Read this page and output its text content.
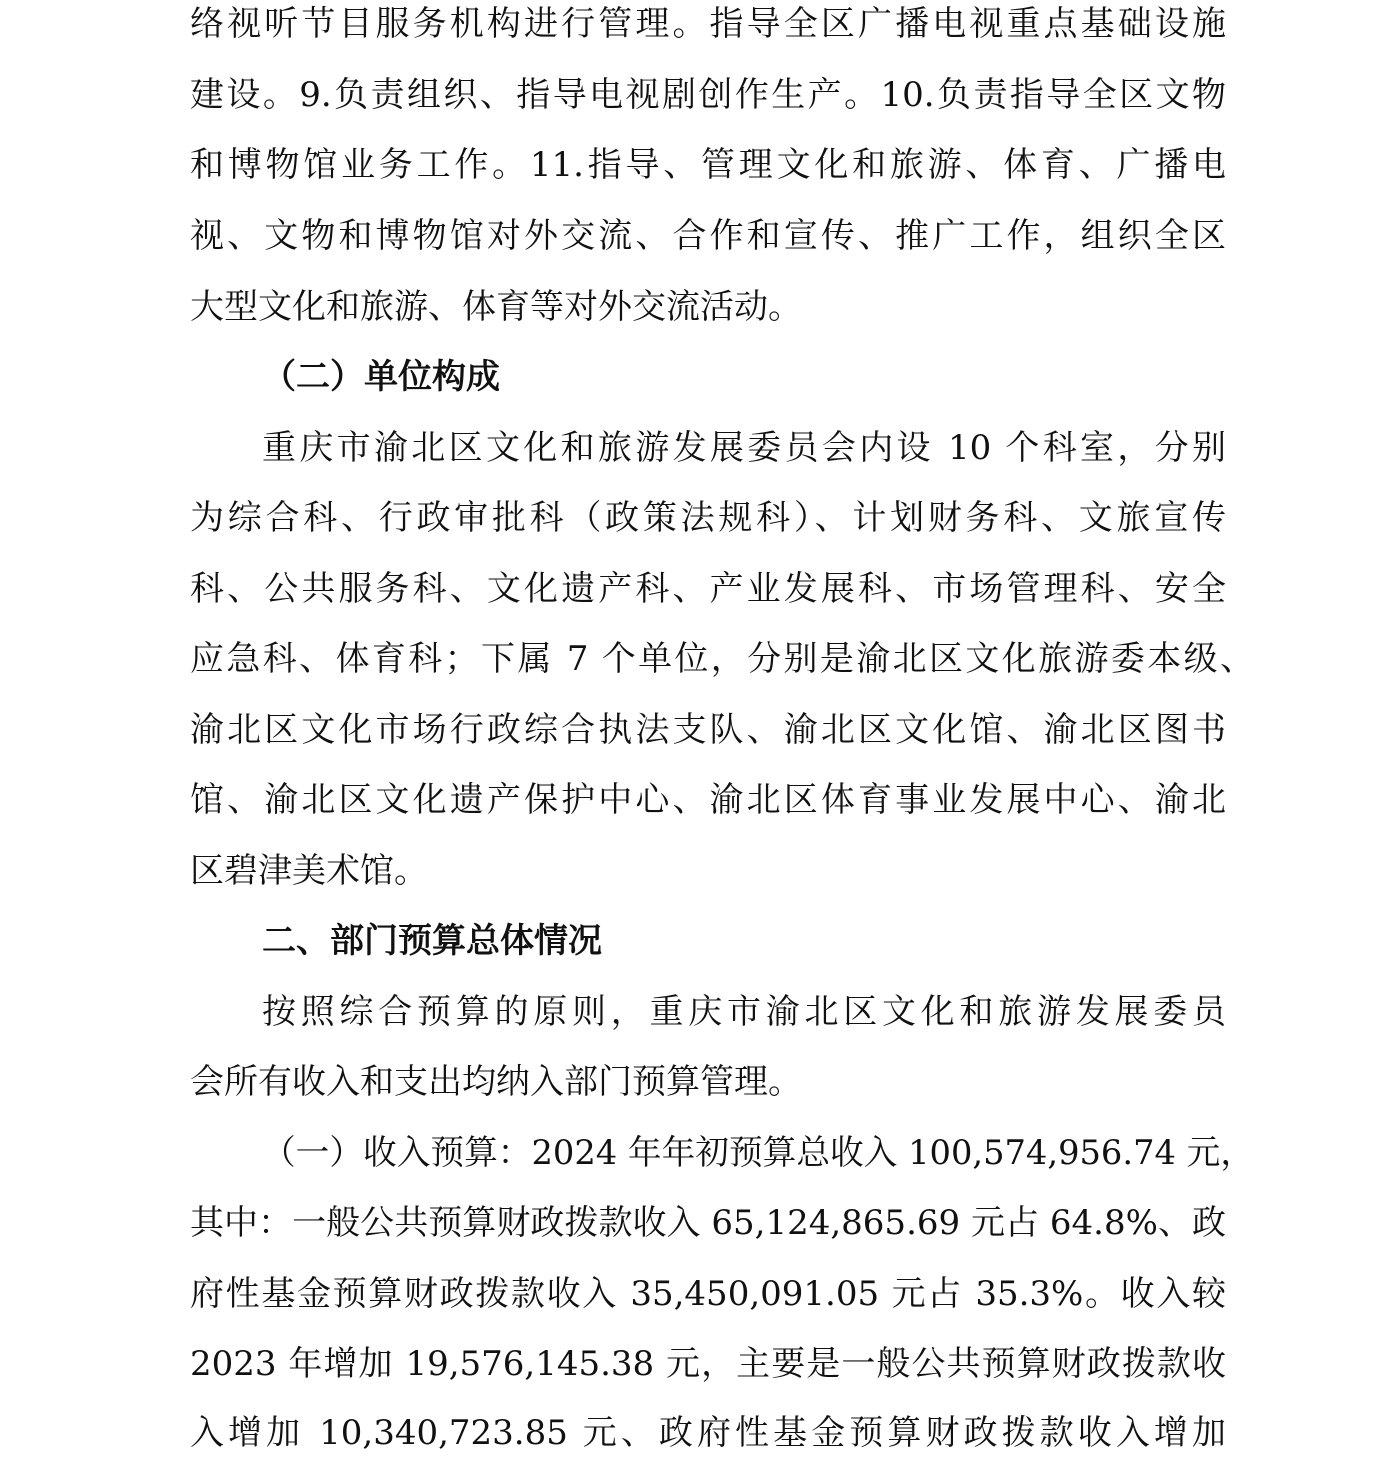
络视听节目服务机构进行管理。指导全区广播电视重点基础设施
建设。9.负责组织、指导电视剧创作生产。10.负责指导全区文物
和博物馆业务工作。11.指导、管理文化和旅游、体育、广播电
视、文物和博物馆对外交流、合作和宣传、推广工作，组织全区
大型文化和旅游、体育等对外交流活动。
（二）单位构成
重庆市渝北区文化和旅游发展委员会内设 10 个科室，分别
为综合科、行政审批科（政策法规科）、计划财务科、文旅宣传
科、公共服务科、文化遗产科、产业发展科、市场管理科、安全
应急科、体育科；下属 7 个单位，分别是渝北区文化旅游委本级、
渝北区文化市场行政综合执法支队、渝北区文化馆、渝北区图书
馆、渝北区文化遗产保护中心、渝北区体育事业发展中心、渝北
区碧津美术馆。
二、部门预算总体情况
按照综合预算的原则，重庆市渝北区文化和旅游发展委员
会所有收入和支出均纳入部门预算管理。
（一）收入预算：2024 年年初预算总收入 100,574,956.74 元，
其中：一般公共预算财政拨款收入 65,124,865.69 元占 64.8%、政
府性基金预算财政拨款收入 35,450,091.05 元占 35.3%。收入较
2023 年增加 19,576,145.38 元，主要是一般公共预算财政拨款收
入增加 10,340,723.85 元、政府性基金预算财政拨款收入增加
